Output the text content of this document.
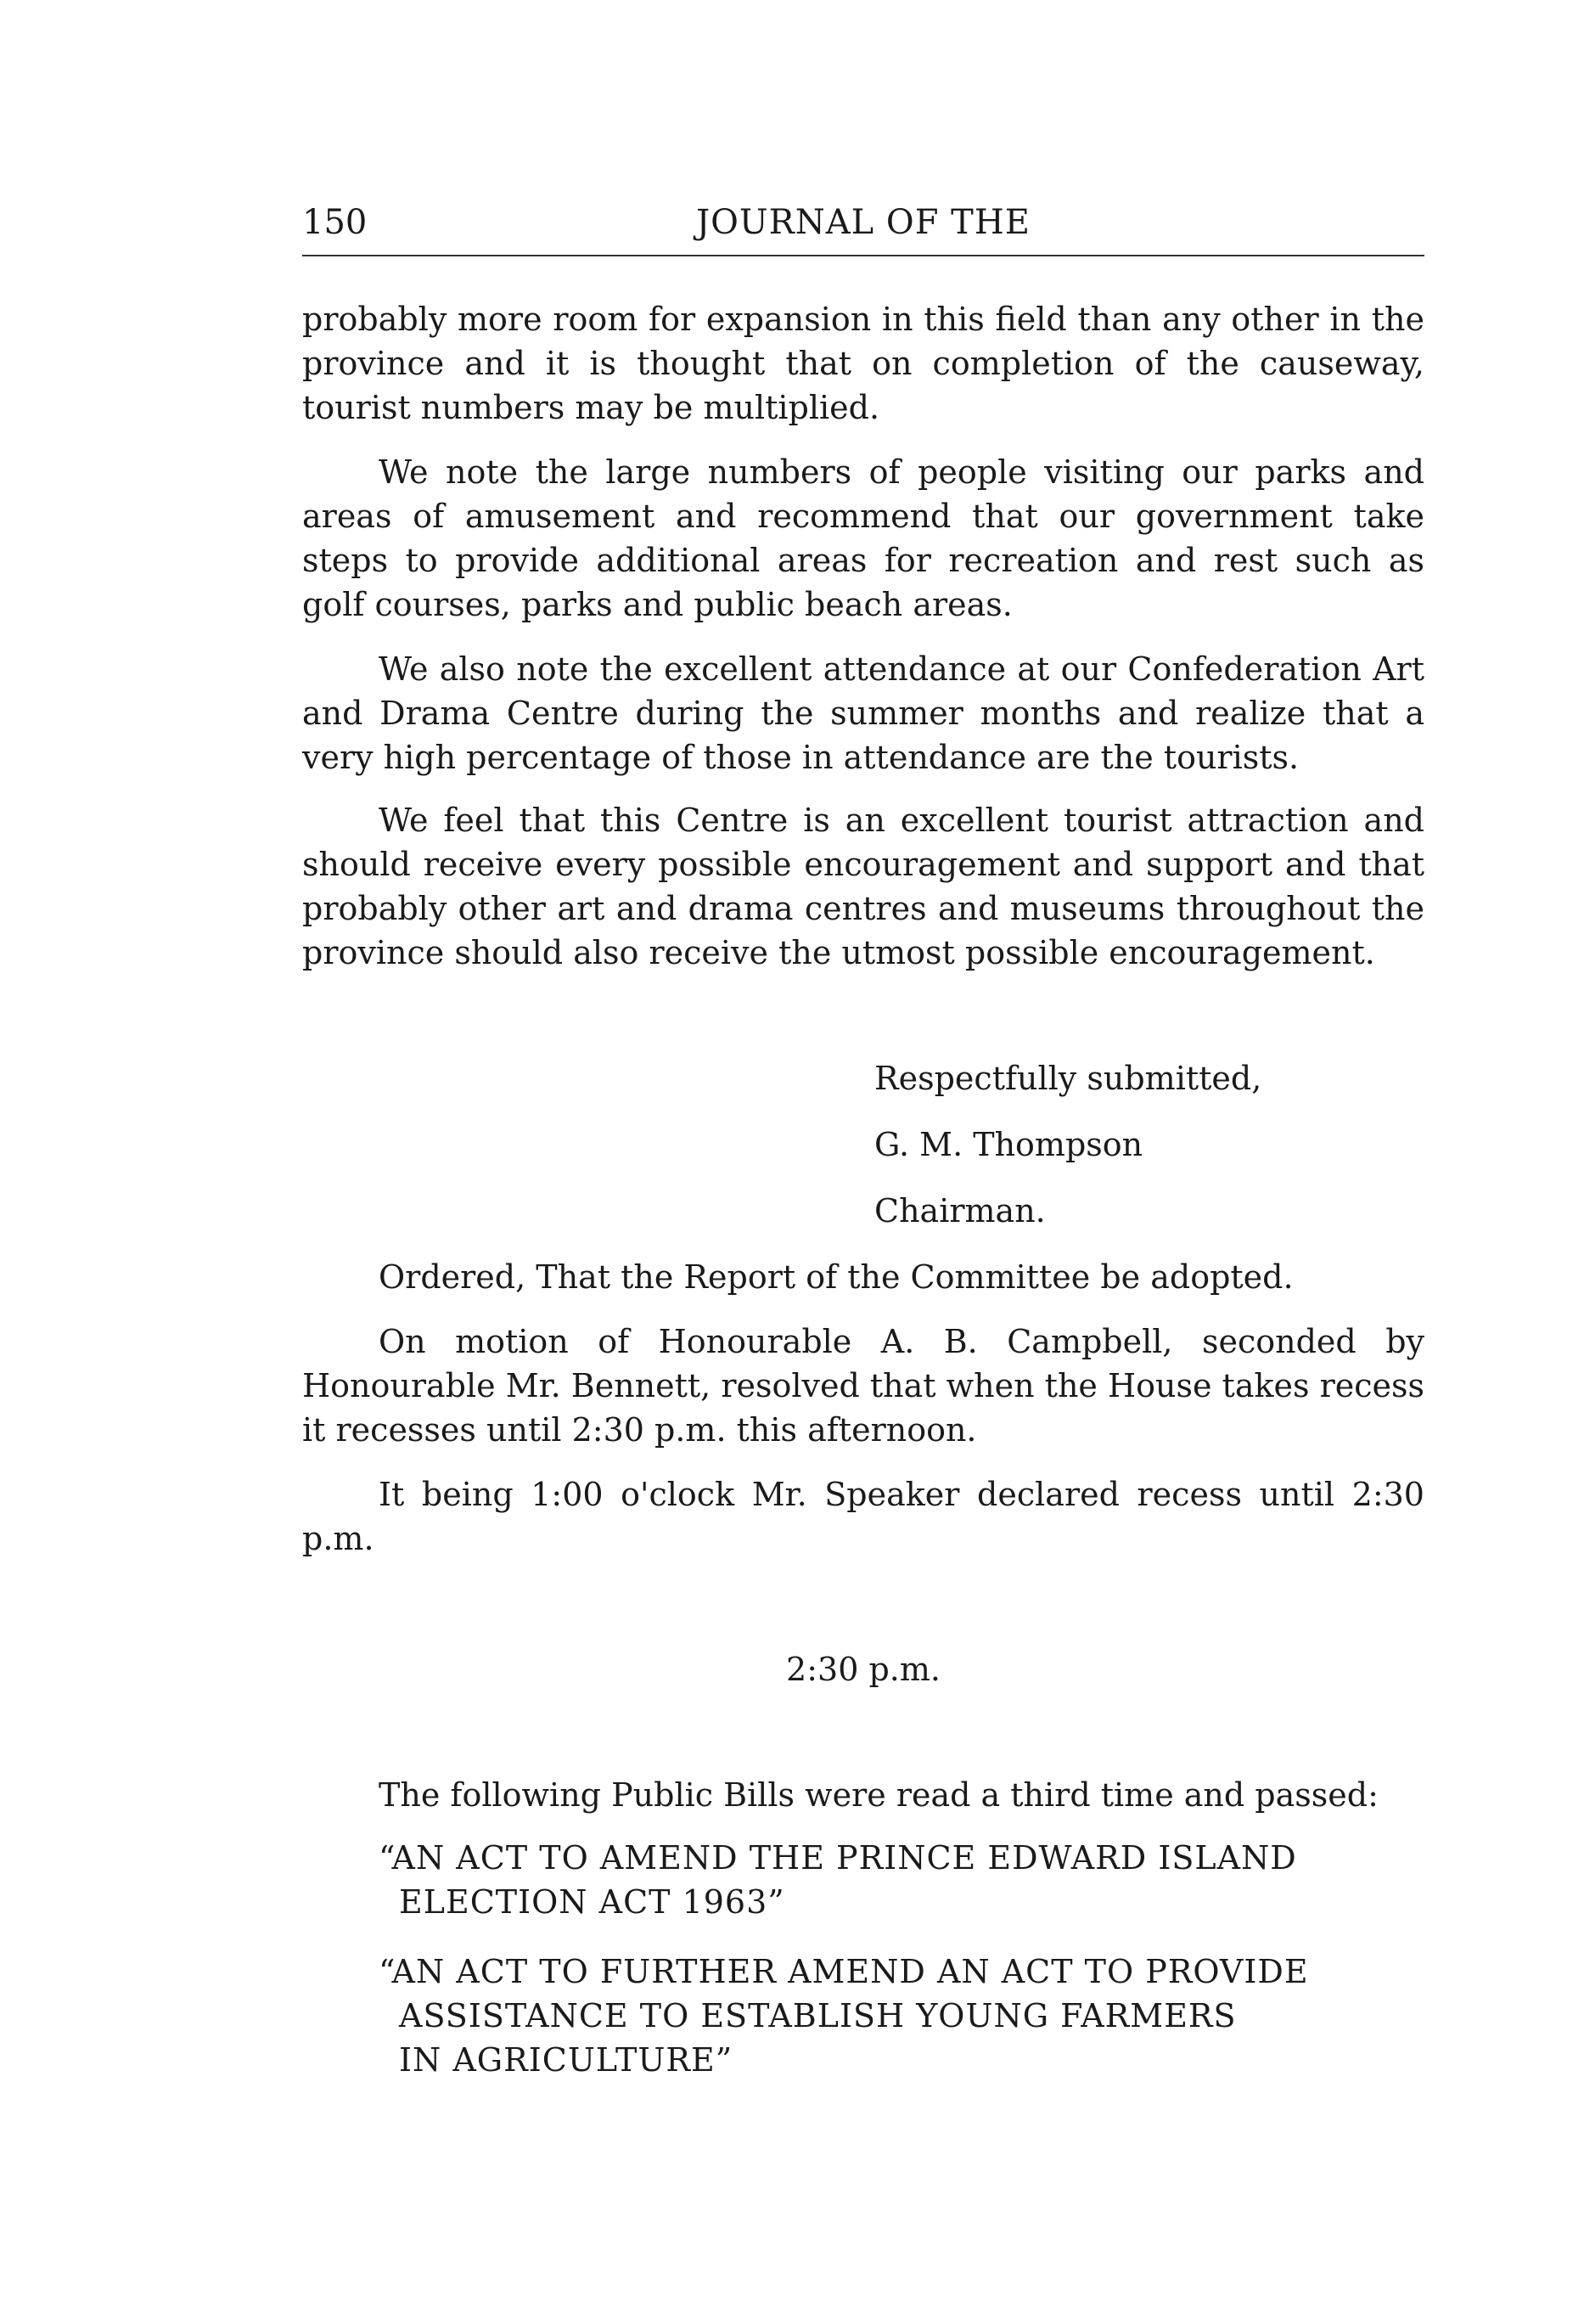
150	JOURNAL OF THE

probably more room for expansion in this field than any other in the province and it is thought that on completion of the causeway, tourist numbers may be multiplied.

We note the large numbers of people visiting our parks and areas of amusement and recommend that our government take steps to provide additional areas for recreation and rest such as golf courses, parks and public beach areas.

We also note the excellent attendance at our Confederation Art and Drama Centre during the summer months and realize that a very high percentage of those in attendance are the tourists.

We feel that this Centre is an excellent tourist attraction and should receive every possible encouragement and support and that probably other art and drama centres and museums throughout the province should also receive the utmost possible encouragement.

Respectfully submitted,
G. M. Thompson
Chairman.

Ordered, That the Report of the Committee be adopted.

On motion of Honourable A. B. Campbell, seconded by Honourable Mr. Bennett, resolved that when the House takes recess it recesses until 2:30 p.m. this afternoon.

It being 1:00 o'clock Mr. Speaker declared recess until 2:30 p.m.

2:30 p.m.

The following Public Bills were read a third time and passed:

“AN ACT TO AMEND THE PRINCE EDWARD ISLAND
ELECTION ACT 1963”
“AN ACT TO FURTHER AMEND AN ACT TO PROVIDE
ASSISTANCE TO ESTABLISH YOUNG FARMERS
IN AGRICULTURE”
